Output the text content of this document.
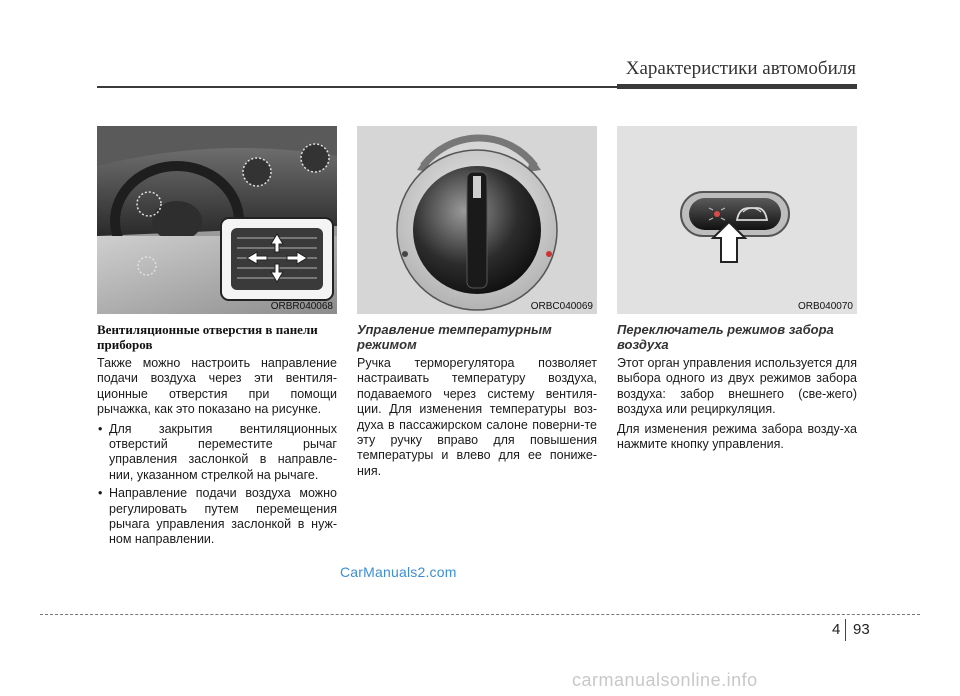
Характеристики автомобиля
ORBR040068
Вентиляционные отверстия в панели приборов

Также можно настроить направление подачи воздуха через эти вентиля-ционные отверстия при помощи рычажка, как это показано на рисунке.

• Для закрытия вентиляционных отверстий переместите рычаг управления заслонкой в направле-нии, указанном стрелкой на рычаге.
• Направление подачи воздуха можно регулировать путем перемещения рычага управления заслонкой в нуж-ном направлении.
ORBC040069
Управление температурным режимом

Ручка терморегулятора позволяет настраивать температуру воздуха, подаваемого через систему вентиля-ции. Для изменения температуры воз-духа в пассажирском салоне поверни-те эту ручку вправо для повышения температуры и влево для ее пониже-ния.

ORB040070
Переключатель режимов забора воздуха

Этот орган управления используется для выбора одного из двух режимов забора воздуха: забор внешнего (све-жего) воздуха или рециркуляция.

Для изменения режима забора возду-ха нажмите кнопку управления.

CarManuals2.com
4 93
carmanualsonline.info
